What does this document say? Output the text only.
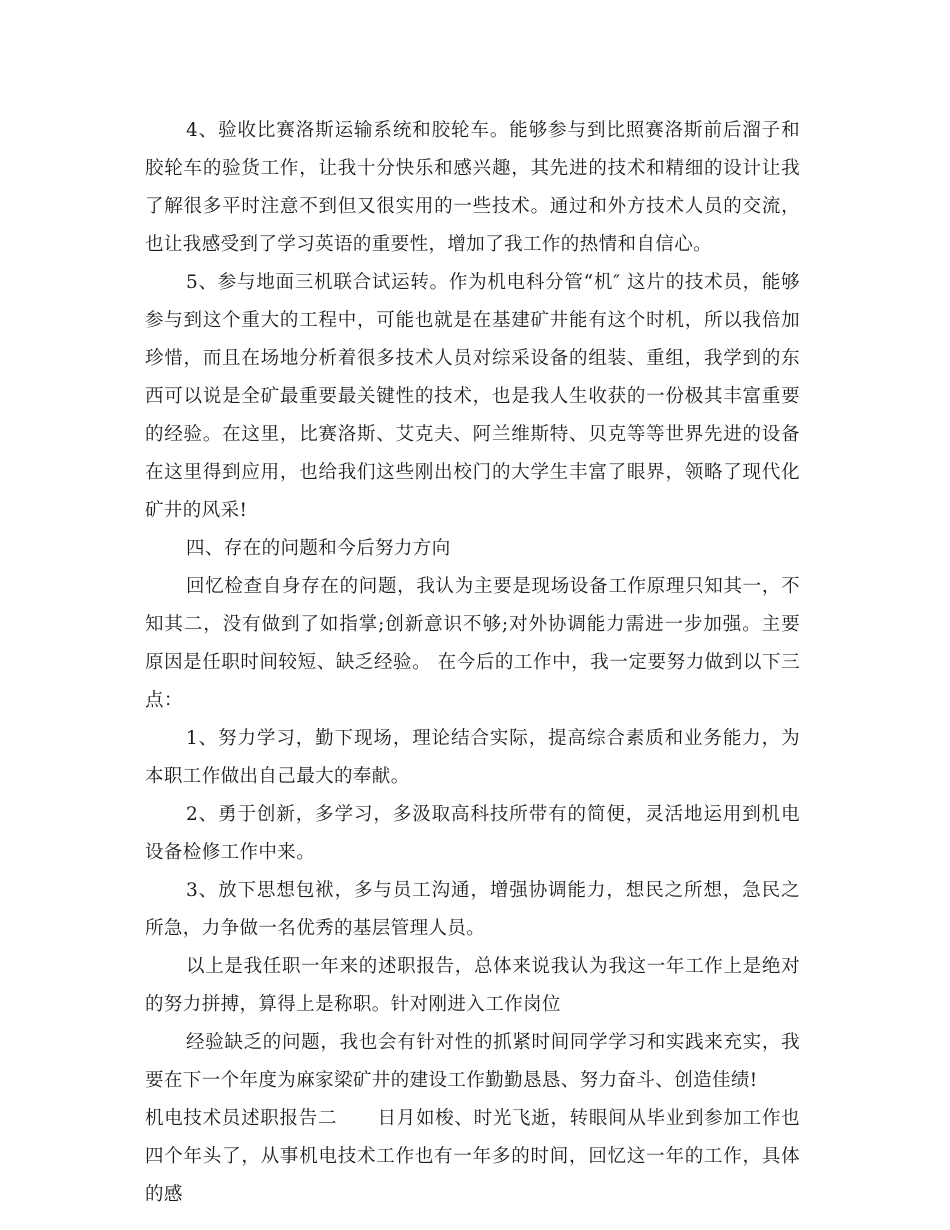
4、验收比赛洛斯运输系统和胶轮车。能够参与到比照赛洛斯前后溜子和胶轮车的验货工作，让我十分快乐和感兴趣，其先进的技术和精细的设计让我了解很多平时注意不到但又很实用的一些技术。通过和外方技术人员的交流，也让我感受到了学习英语的重要性，增加了我工作的热情和自信心。

5、参与地面三机联合试运转。作为机电科分管“机″ 这片的技术员，能够参与到这个重大的工程中，可能也就是在基建矿井能有这个时机，所以我倍加珍惜，而且在场地分析着很多技术人员对综采设备的组装、重组，我学到的东西可以说是全矿最重要最关键性的技术，也是我人生收获的一份极其丰富重要的经验。在这里，比赛洛斯、艾克夫、阿兰维斯特、贝克等等世界先进的设备在这里得到应用，也给我们这些刚出校门的大学生丰富了眼界，领略了现代化矿井的风采!

四、存在的问题和今后努力方向

回忆检查自身存在的问题，我认为主要是现场设备工作原理只知其一，不知其二，没有做到了如指掌;创新意识不够;对外协调能力需进一步加强。主要原因是任职时间较短、缺乏经验。 在今后的工作中，我一定要努力做到以下三点：

1、努力学习，勤下现场，理论结合实际，提高综合素质和业务能力，为本职工作做出自己最大的奉献。

2、勇于创新，多学习，多汲取高科技所带有的简便，灵活地运用到机电设备检修工作中来。

3、放下思想包袱，多与员工沟通，增强协调能力，想民之所想，急民之所急，力争做一名优秀的基层管理人员。

以上是我任职一年来的述职报告，总体来说我认为我这一年工作上是绝对的努力拼搏，算得上是称职。针对刚进入工作岗位

经验缺乏的问题，我也会有针对性的抓紧时间同学学习和实践来充实，我要在下一个年度为麻家梁矿井的建设工作勤勤恳恳、努力奋斗、创造佳绩!

机电技术员述职报告二 日月如梭、时光飞逝，转眼间从毕业到参加工作也四个年头了，从事机电技术工作也有一年多的时间，回忆这一年的工作，具体的感
